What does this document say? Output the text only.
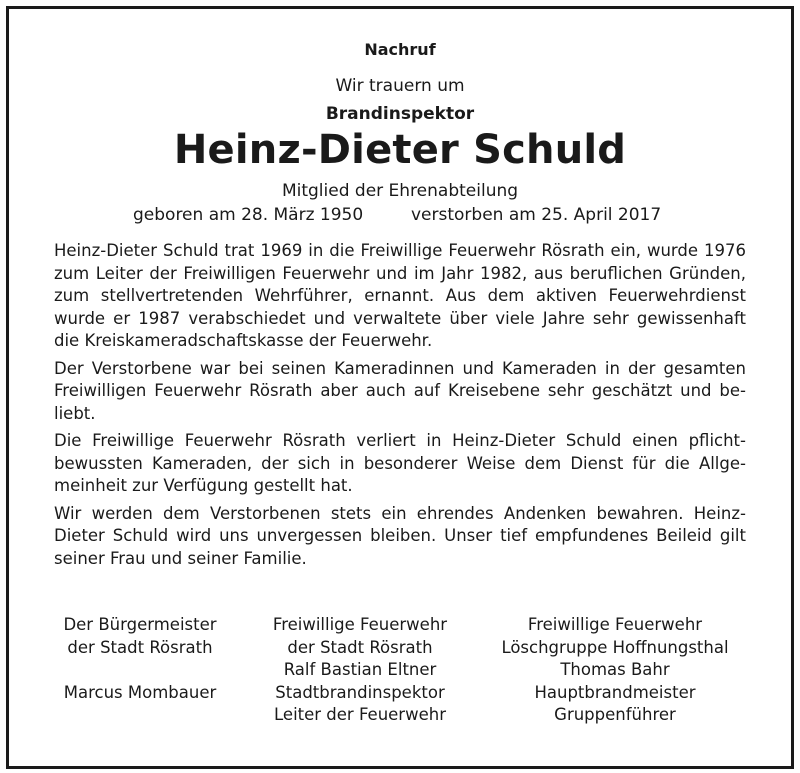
Nachruf
Wir trauern um
Brandinspektor
Heinz-Dieter Schuld
Mitglied der Ehrenabteilung
geboren am 28. März 1950	verstorben am 25. April 2017

Heinz-Dieter Schuld trat 1969 in die Freiwillige Feuerwehr Rösrath ein, wurde 1976 zum Leiter der Freiwilligen Feuerwehr und im Jahr 1982, aus beruflichen Gründen, zum stellvertretenden Wehrführer, ernannt. Aus dem aktiven Feuerwehrdienst wurde er 1987 verabschiedet und verwaltete über viele Jahre sehr gewissenhaft die Kreiskameradschaftskasse der Feuerwehr.

Der Verstorbene war bei seinen Kameradinnen und Kameraden in der gesamten Freiwilligen Feuerwehr Rösrath aber auch auf Kreisebene sehr geschätzt und beliebt.

Die Freiwillige Feuerwehr Rösrath verliert in Heinz-Dieter Schuld einen pflichtbewussten Kameraden, der sich in besonderer Weise dem Dienst für die Allgemeinheit zur Verfügung gestellt hat.

Wir werden dem Verstorbenen stets ein ehrendes Andenken bewahren. Heinz-Dieter Schuld wird uns unvergessen bleiben. Unser tief empfundenes Beileid gilt seiner Frau und seiner Familie.

Der Bürgermeister
der Stadt Rösrath
Marcus Mombauer
Freiwillige Feuerwehr
der Stadt Rösrath
Ralf Bastian Eltner
Stadtbrandinspektor
Leiter der Feuerwehr
Freiwillige Feuerwehr
Löschgruppe Hoffnungsthal
Thomas Bahr
Hauptbrandmeister
Gruppenführer
